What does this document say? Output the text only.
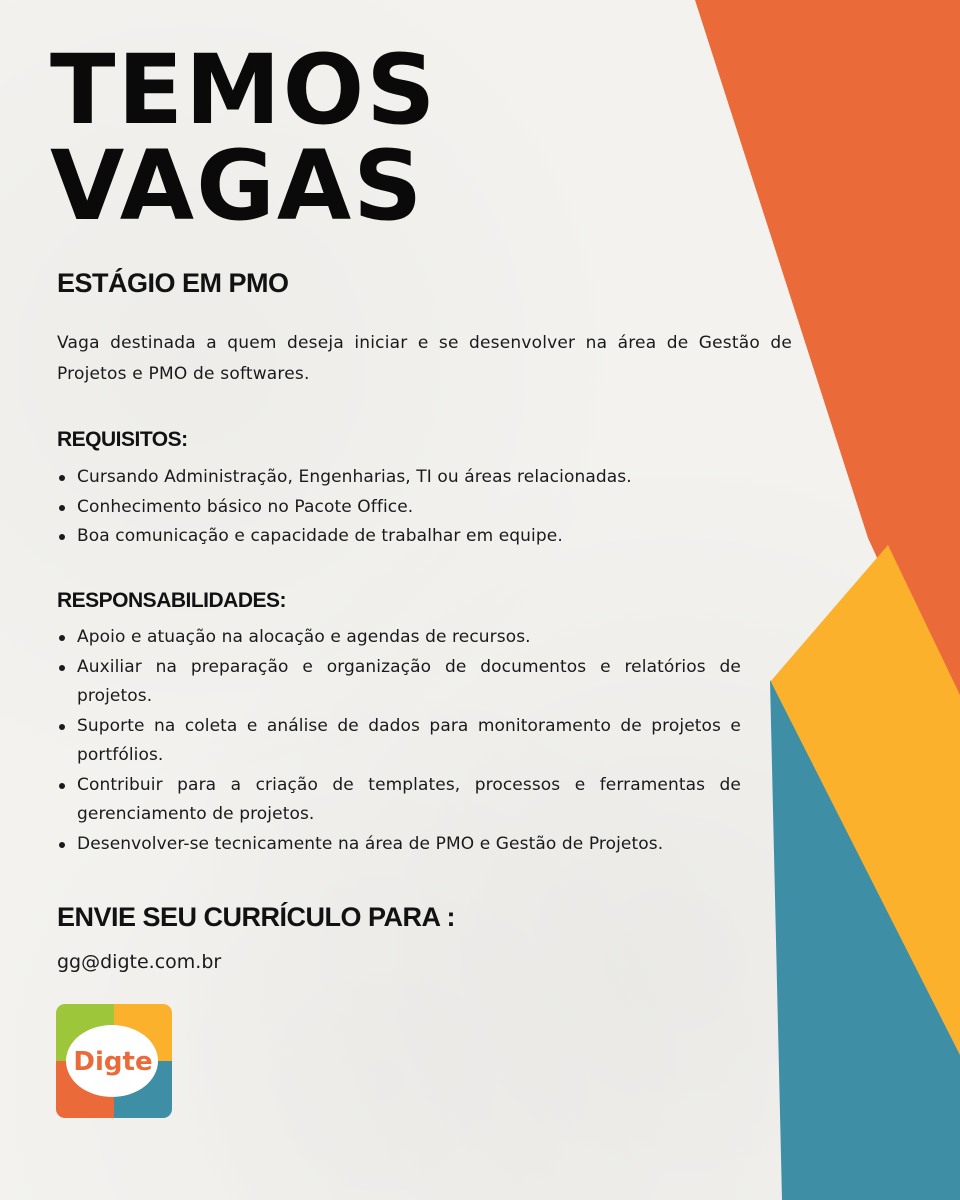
TEMOS
VAGAS
ESTÁGIO EM PMO

Vaga destinada a quem deseja iniciar e se desenvolver na área de Gestão de Projetos e PMO de softwares.

REQUISITOS:
Cursando Administração, Engenharias, TI ou áreas relacionadas.
Conhecimento básico no Pacote Office.
Boa comunicação e capacidade de trabalhar em equipe.
RESPONSABILIDADES:
Apoio e atuação na alocação e agendas de recursos.
Auxiliar na preparação e organização de documentos e relatórios de projetos.
Suporte na coleta e análise de dados para monitoramento de projetos e portfólios.
Contribuir para a criação de templates, processos e ferramentas de gerenciamento de projetos.
Desenvolver-se tecnicamente na área de PMO e Gestão de Projetos.
ENVIE SEU CURRÍCULO PARA :

gg@digte.com.br

Digte
